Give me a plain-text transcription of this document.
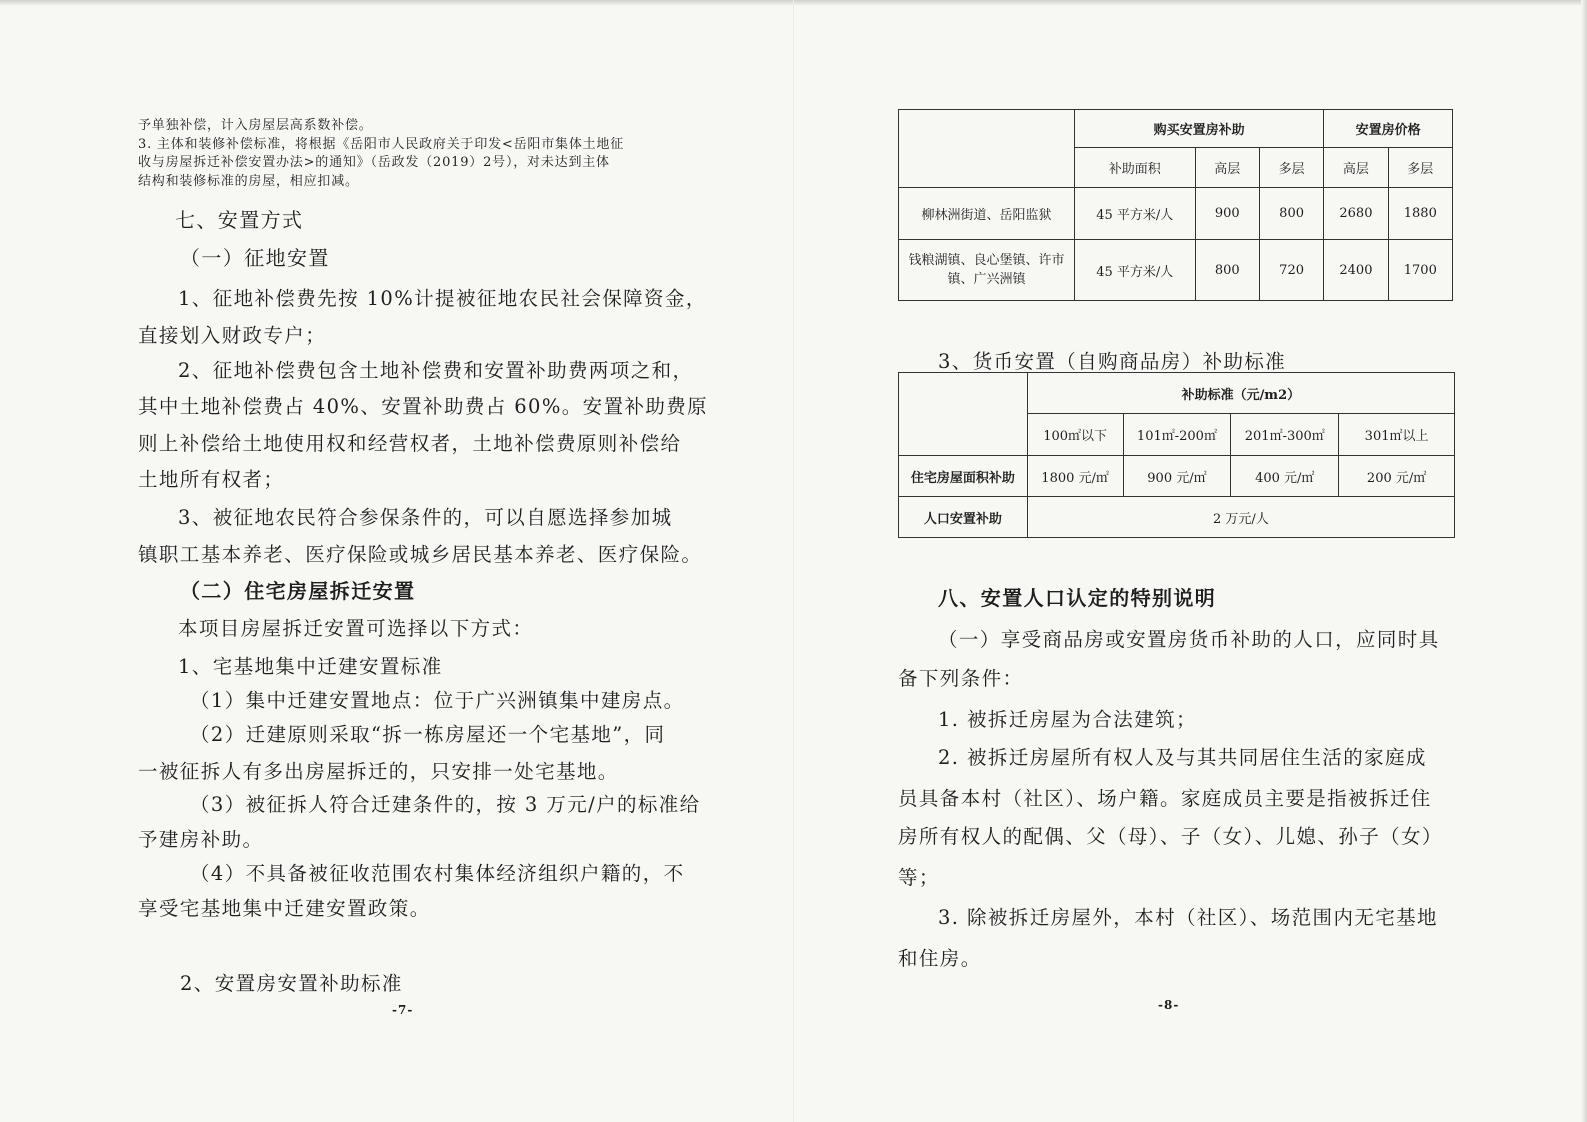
予单独补偿，计入房屋层高系数补偿。
3. 主体和装修补偿标准，将根据《岳阳市人民政府关于印发<岳阳市集体土地征
收与房屋拆迁补偿安置办法>的通知》（岳政发（2019）2号），对未达到主体
结构和装修标准的房屋，相应扣减。
七、安置方式
（一）征地安置
1、征地补偿费先按 10%计提被征地农民社会保障资金，
直接划入财政专户；
2、征地补偿费包含土地补偿费和安置补助费两项之和，
其中土地补偿费占 40%、安置补助费占 60%。安置补助费原
则上补偿给土地使用权和经营权者，土地补偿费原则补偿给
土地所有权者；
3、被征地农民符合参保条件的，可以自愿选择参加城
镇职工基本养老、医疗保险或城乡居民基本养老、医疗保险。
（二）住宅房屋拆迁安置
本项目房屋拆迁安置可选择以下方式：
1、宅基地集中迁建安置标准
（1）集中迁建安置地点：位于广兴洲镇集中建房点。
（2）迁建原则采取“拆一栋房屋还一个宅基地”，同
一被征拆人有多出房屋拆迁的，只安排一处宅基地。
（3）被征拆人符合迁建条件的，按 3 万元/户的标准给
予建房补助。
（4）不具备被征收范围农村集体经济组织户籍的，不
享受宅基地集中迁建安置政策。
2、安置房安置补助标准
-7-
	购买安置房补助			安置房价格	
	补助面积	高层	多层	高层	多层
柳林洲街道、岳阳监狱	45 平方米/人	900	800	2680	1880
钱粮湖镇、良心堡镇、许市镇、广兴洲镇	45 平方米/人	800	720	2400	1700
3、货币安置（自购商品房）补助标准
	补助标准（元/m2）			
	100㎡以下	101㎡-200㎡	201㎡-300㎡	301㎡以上
住宅房屋面积补助	1800 元/㎡	900 元/㎡	400 元/㎡	200 元/㎡
人口安置补助	2 万元/人			
八、安置人口认定的特别说明
（一）享受商品房或安置房货币补助的人口，应同时具
备下列条件：
1. 被拆迁房屋为合法建筑；
2. 被拆迁房屋所有权人及与其共同居住生活的家庭成
员具备本村（社区）、场户籍。家庭成员主要是指被拆迁住
房所有权人的配偶、父（母）、子（女）、儿媳、孙子（女）
等；
3. 除被拆迁房屋外，本村（社区）、场范围内无宅基地
和住房。
-8-
